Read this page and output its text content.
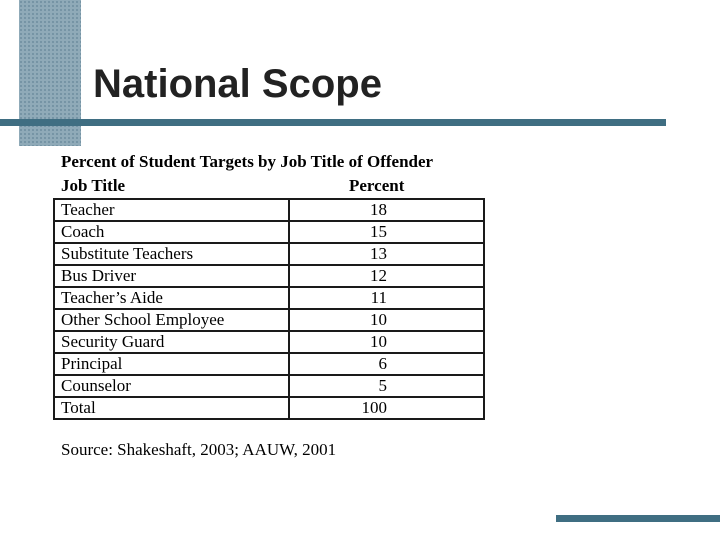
National Scope
Percent of Student Targets by Job Title of Offender
Job Title	Percent
Teacher	18
Coach	15
Substitute Teachers	13
Bus Driver	12
Teacher’s Aide	11
Other School Employee	10
Security Guard	10
Principal	6
Counselor	5
Total	100
Source: Shakeshaft, 2003; AAUW, 2001
